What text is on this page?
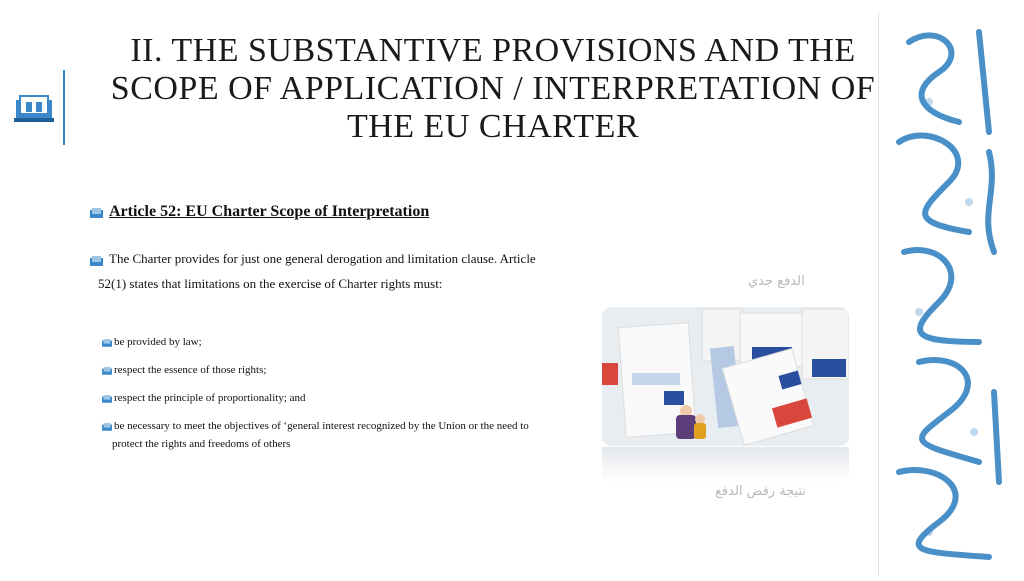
II. THE SUBSTANTIVE PROVISIONS AND THE SCOPE OF APPLICATION / INTERPRETATION OF THE EU CHARTER
Article 52: EU Charter Scope of Interpretation
The Charter provides for just one general derogation and limitation clause. Article
52(1) states that limitations on the exercise of Charter rights must:
be provided by law;
respect the essence of those rights;
respect the principle of proportionality; and
be necessary to meet the objectives of ‘general interest recognized by the Union or the need to
protect the rights and freedoms of others
الدفع جدي
نتيجة رفض الدفع
